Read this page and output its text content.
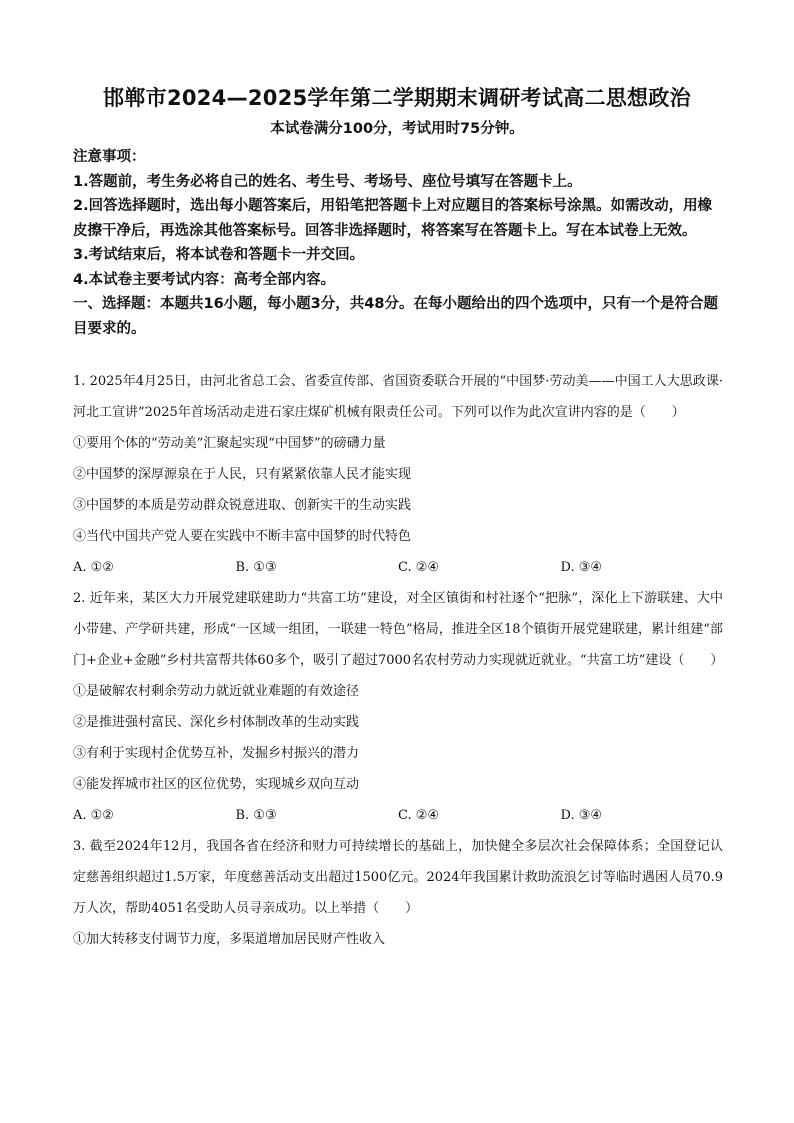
邯郸市2024—2025学年第二学期期末调研考试高二思想政治
本试卷满分100分，考试用时75分钟。

注意事项：

1.答题前，考生务必将自己的姓名、考生号、考场号、座位号填写在答题卡上。

2.回答选择题时，选出每小题答案后，用铅笔把答题卡上对应题目的答案标号涂黑。如需改动，用橡皮擦干净后，再选涂其他答案标号。回答非选择题时，将答案写在答题卡上。写在本试卷上无效。

3.考试结束后，将本试卷和答题卡一并交回。

4.本试卷主要考试内容：高考全部内容。

一、选择题：本题共16小题，每小题3分，共48分。在每小题给出的四个选项中，只有一个是符合题目要求的。

1. 2025年4月25日，由河北省总工会、省委宣传部、省国资委联合开展的“中国梦·劳动美——中国工人大思政课·河北工宣讲”2025年首场活动走进石家庄煤矿机械有限责任公司。下列可以作为此次宣讲内容的是（　　）

①要用个体的“劳动美”汇聚起实现“中国梦”的磅礴力量

②中国梦的深厚源泉在于人民，只有紧紧依靠人民才能实现

③中国梦的本质是劳动群众锐意进取、创新实干的生动实践

④当代中国共产党人要在实践中不断丰富中国梦的时代特色

A. ①②	B. ①③	C. ②④	D. ③④

2. 近年来，某区大力开展党建联建助力“共富工坊”建设，对全区镇街和村社逐个“把脉”，深化上下游联建、大中小带建、产学研共建，形成“一区域一组团，一联建一特色”格局，推进全区18个镇街开展党建联建，累计组建“部门+企业+金融”乡村共富帮共体60多个，吸引了超过7000名农村劳动力实现就近就业。“共富工坊”建设（　　）

①是破解农村剩余劳动力就近就业难题的有效途径

②是推进强村富民、深化乡村体制改革的生动实践

③有利于实现村企优势互补，发掘乡村振兴的潜力

④能发挥城市社区的区位优势，实现城乡双向互动

A. ①②	B. ①③	C. ②④	D. ③④

3. 截至2024年12月，我国各省在经济和财力可持续增长的基础上，加快健全多层次社会保障体系；全国登记认定慈善组织超过1.5万家，年度慈善活动支出超过1500亿元。2024年我国累计救助流浪乞讨等临时遇困人员70.9万人次，帮助4051名受助人员寻亲成功。以上举措（　　）

①加大转移支付调节力度，多渠道增加居民财产性收入
